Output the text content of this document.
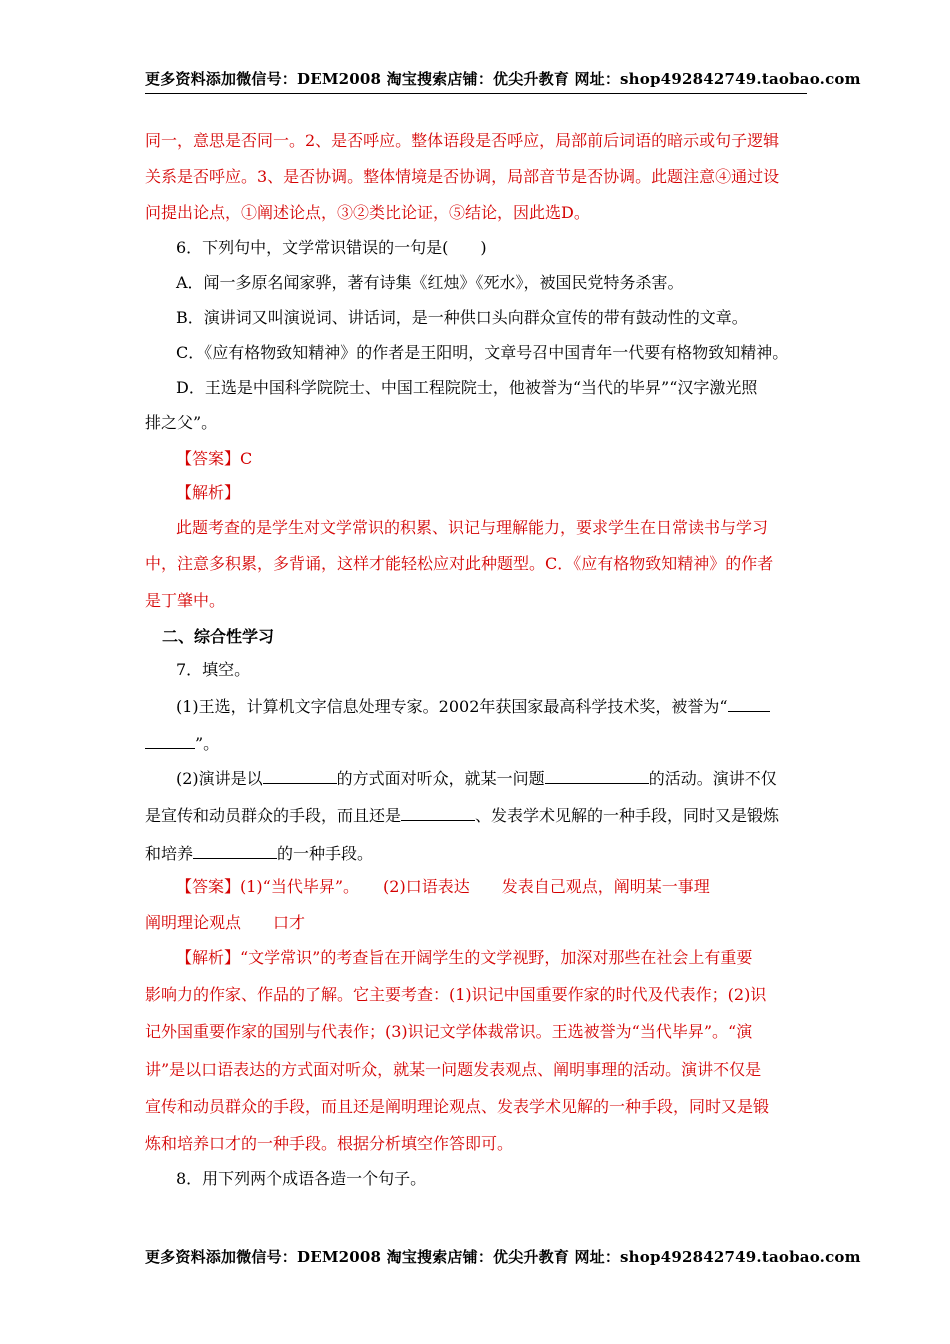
更多资料添加微信号：DEM2008 淘宝搜索店铺：优尖升教育 网址：shop492842749.taobao.com
同一，意思是否同一。2、是否呼应。整体语段是否呼应，局部前后词语的暗示或句子逻辑
关系是否呼应。3、是否协调。整体情境是否协调，局部音节是否协调。此题注意④通过设
问提出论点，①阐述论点，③②类比论证，⑤结论，因此选D。
6．下列句中，文学常识错误的一句是(　　)
A．闻一多原名闻家骅，著有诗集《红烛》《死水》，被国民党特务杀害。
B．演讲词又叫演说词、讲话词，是一种供口头向群众宣传的带有鼓动性的文章。
C．《应有格物致知精神》的作者是王阳明，文章号召中国青年一代要有格物致知精神。
D．王选是中国科学院院士、中国工程院院士，他被誉为“当代的毕昇”“汉字激光照
排之父”。
【答案】C
【解析】
此题考查的是学生对文学常识的积累、识记与理解能力，要求学生在日常读书与学习
中，注意多积累，多背诵，这样才能轻松应对此种题型。C．《应有格物致知精神》的作者
是丁肇中。
二、综合性学习
7．填空。
(1)王选，计算机文字信息处理专家。2002年获国家最高科学技术奖，被誉为“
”。
(2)演讲是以	的方式面对听众，就某一问题	的活动。演讲不仅
是宣传和动员群众的手段，而且还是	、发表学术见解的一种手段，同时又是锻炼
和培养	的一种手段。
【答案】(1)“当代毕昇”。　　(2)口语表达　　发表自己观点，阐明某一事理
阐明理论观点　　口才
【解析】“文学常识”的考查旨在开阔学生的文学视野，加深对那些在社会上有重要
影响力的作家、作品的了解。它主要考查：(1)识记中国重要作家的时代及代表作；(2)识
记外国重要作家的国别与代表作；(3)识记文学体裁常识。王选被誉为“当代毕昇”。“演
讲”是以口语表达的方式面对听众，就某一问题发表观点、阐明事理的活动。演讲不仅是
宣传和动员群众的手段，而且还是阐明理论观点、发表学术见解的一种手段，同时又是锻
炼和培养口才的一种手段。根据分析填空作答即可。
8．用下列两个成语各造一个句子。
更多资料添加微信号：DEM2008 淘宝搜索店铺：优尖升教育 网址：shop492842749.taobao.com
